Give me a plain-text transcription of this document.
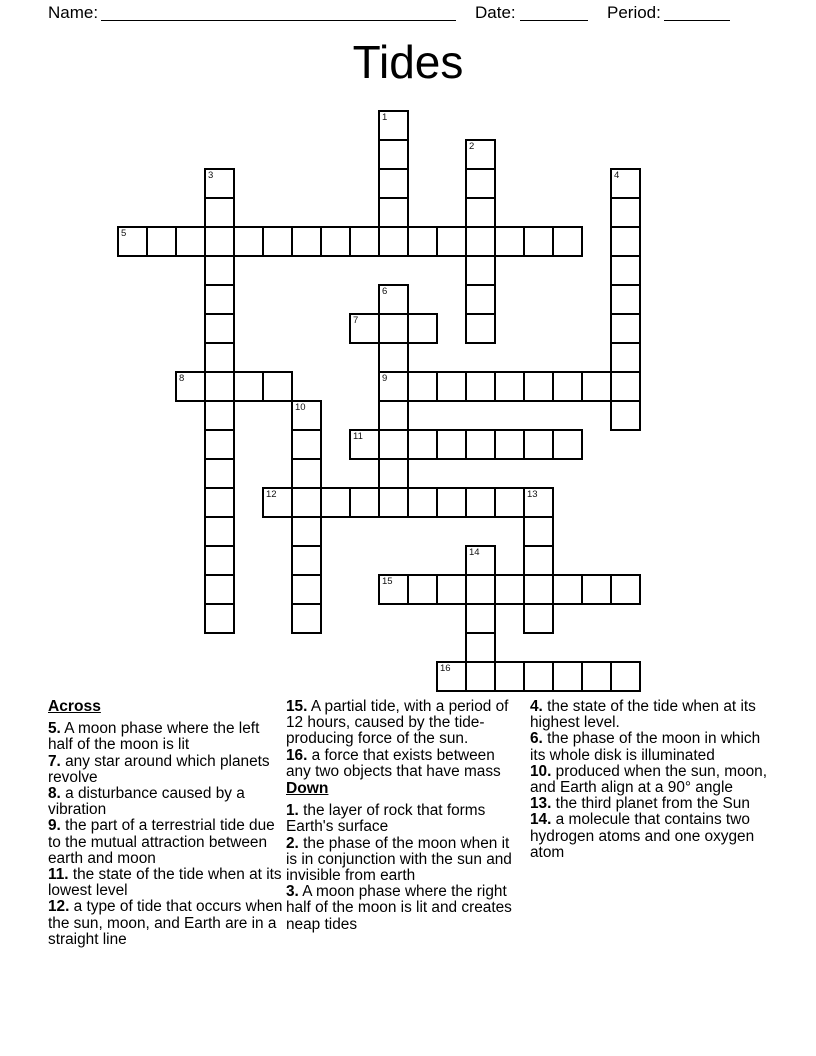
Name:	Date:	Period:
Tides
1
2
3	4
5
6
9
7
8
10
11
12	13
14
15
16
Across

5. A moon phase where the left half of the moon is lit

7. any star around which planets revolve

8. a disturbance caused by a vibration

9. the part of a terrestrial tide due to the mutual attraction between earth and moon

11. the state of the tide when at its lowest level

12. a type of tide that occurs when the sun, moon, and Earth are in a straight line

15. A partial tide, with a period of 12 hours, caused by the tide-producing force of the sun.

16. a force that exists between any two objects that have mass

Down

1. the layer of rock that forms Earth's surface

2. the phase of the moon when it is in conjunction with the sun and invisible from earth

3. A moon phase where the right half of the moon is lit and creates neap tides

4. the state of the tide when at its highest level.

6. the phase of the moon in which its whole disk is illuminated

10. produced when the sun, moon, and Earth align at a 90° angle

13. the third planet from the Sun

14. a molecule that contains two hydrogen atoms and one oxygen atom
